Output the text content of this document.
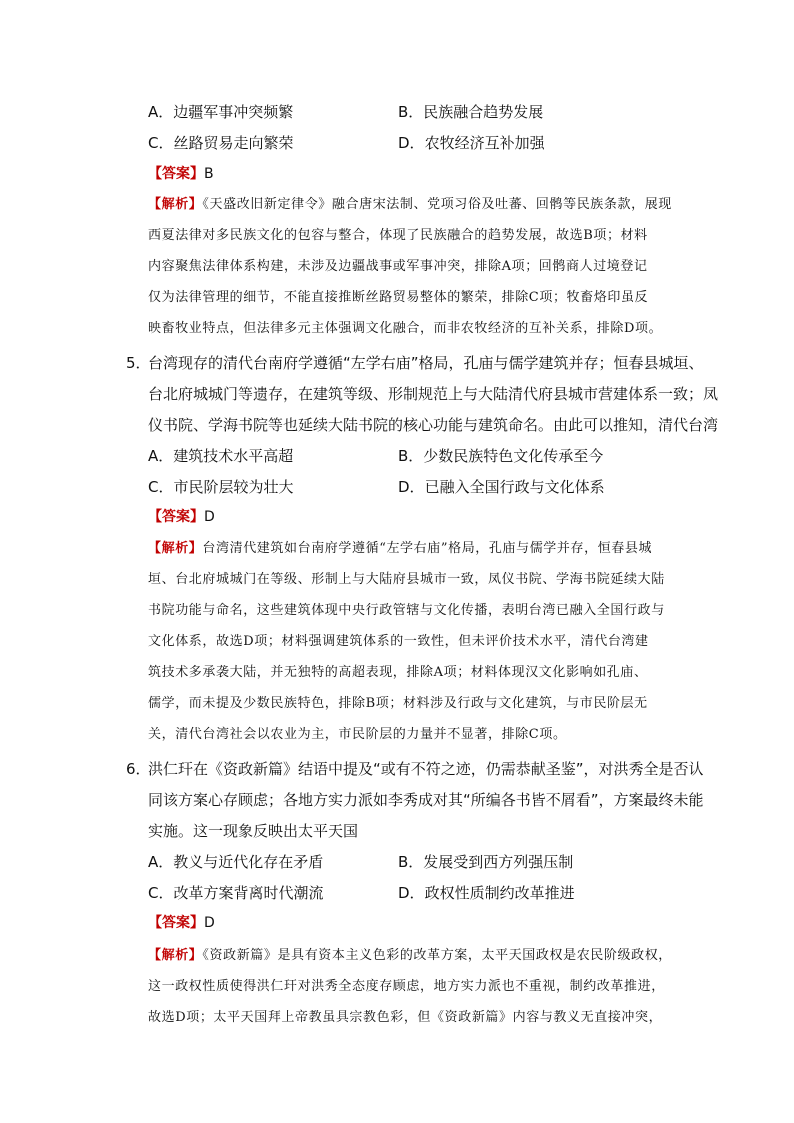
A．边疆军事冲突频繁	B．民族融合趋势发展
C．丝路贸易走向繁荣	D．农牧经济互补加强
【答案】B
【解析】《天盛改旧新定律令》融合唐宋法制、党项习俗及吐蕃、回鹘等民族条款，展现
西夏法律对多民族文化的包容与整合，体现了民族融合的趋势发展，故选B项；材料
内容聚焦法律体系构建，未涉及边疆战事或军事冲突，排除A项；回鹘商人过境登记
仅为法律管理的细节，不能直接推断丝路贸易整体的繁荣，排除C项；牧畜烙印虽反
映畜牧业特点，但法律多元主体强调文化融合，而非农牧经济的互补关系，排除D项。
5．
台湾现存的清代台南府学遵循“左学右庙”格局，孔庙与儒学建筑并存；恒春县城垣、
台北府城城门等遗存，在建筑等级、形制规范上与大陆清代府县城市营建体系一致；凤
仪书院、学海书院等也延续大陆书院的核心功能与建筑命名。由此可以推知，清代台湾
A．建筑技术水平高超	B．少数民族特色文化传承至今
C．市民阶层较为壮大	D．已融入全国行政与文化体系
【答案】D
【解析】台湾清代建筑如台南府学遵循“左学右庙”格局，孔庙与儒学并存，恒春县城
垣、台北府城城门在等级、形制上与大陆府县城市一致，凤仪书院、学海书院延续大陆
书院功能与命名，这些建筑体现中央行政管辖与文化传播，表明台湾已融入全国行政与
文化体系，故选D项；材料强调建筑体系的一致性，但未评价技术水平，清代台湾建
筑技术多承袭大陆，并无独特的高超表现，排除A项；材料体现汉文化影响如孔庙、
儒学，而未提及少数民族特色，排除B项；材料涉及行政与文化建筑，与市民阶层无
关，清代台湾社会以农业为主，市民阶层的力量并不显著，排除C项。
6．
洪仁玕在《资政新篇》结语中提及“或有不符之迹，仍需恭献圣鉴”，对洪秀全是否认
同该方案心存顾虑；各地方实力派如李秀成对其“所编各书皆不屑看”，方案最终未能
实施。这一现象反映出太平天国
A．教义与近代化存在矛盾	B．发展受到西方列强压制
C．改革方案背离时代潮流	D．政权性质制约改革推进
【答案】D
【解析】《资政新篇》是具有资本主义色彩的改革方案，太平天国政权是农民阶级政权，
这一政权性质使得洪仁玕对洪秀全态度存顾虑，地方实力派也不重视，制约改革推进，
故选D项；太平天国拜上帝教虽具宗教色彩，但《资政新篇》内容与教义无直接冲突，
